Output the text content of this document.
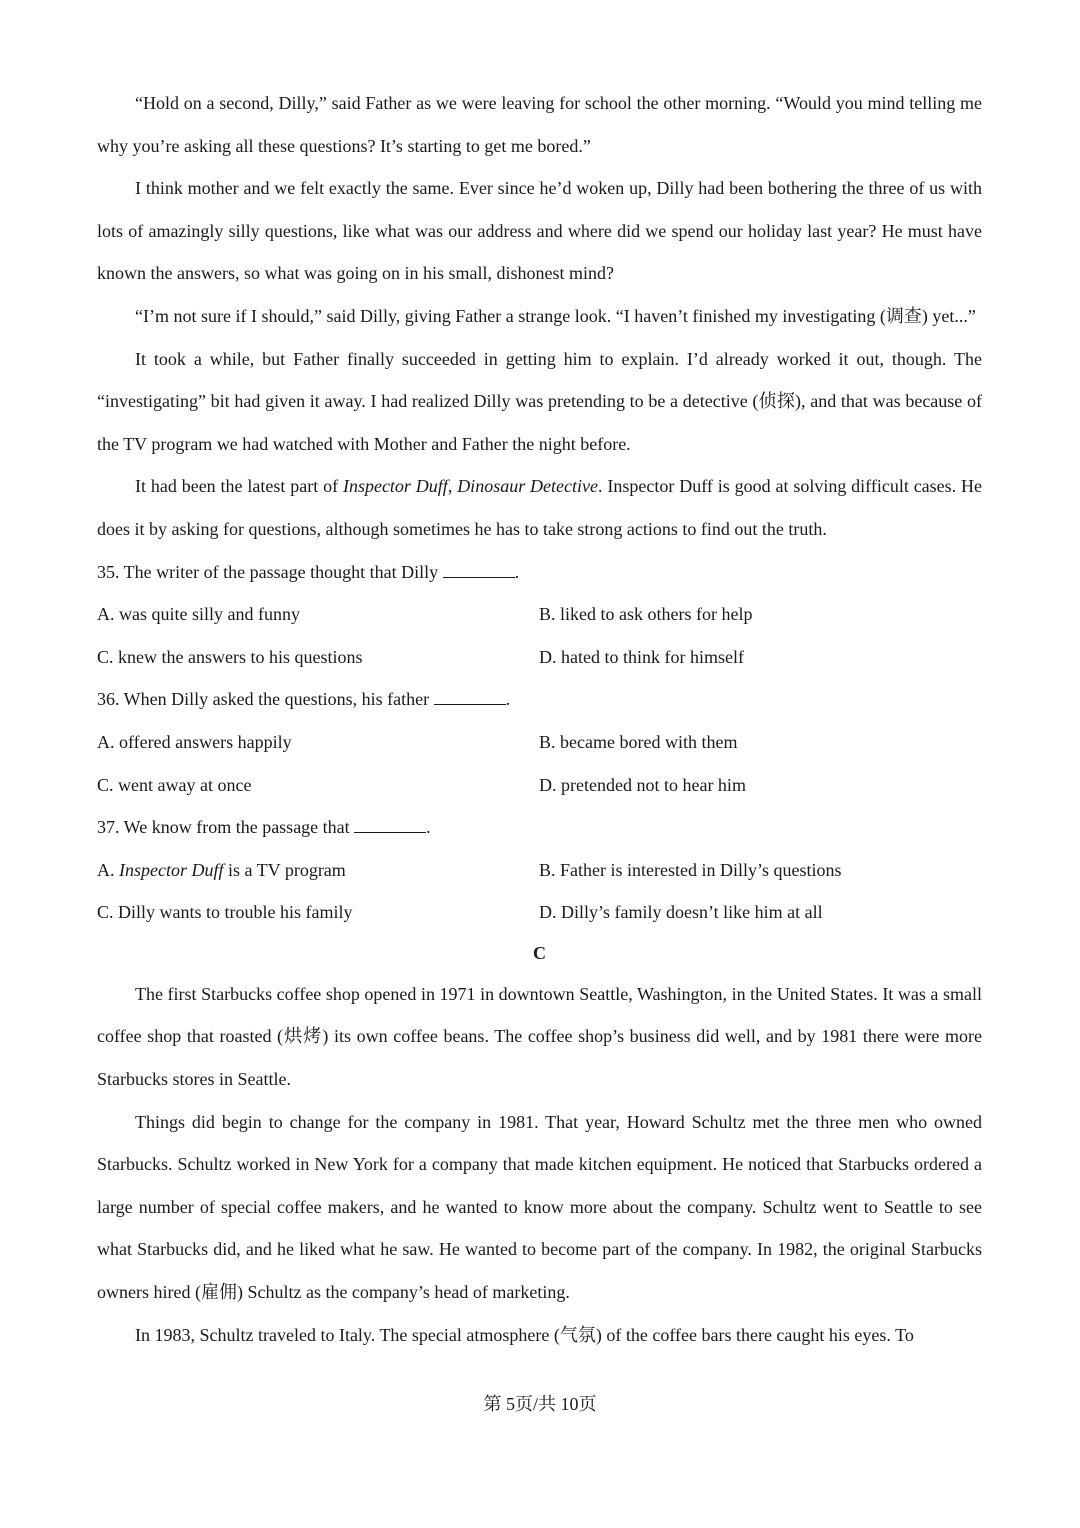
“Hold on a second, Dilly,” said Father as we were leaving for school the other morning. “Would you mind telling me why you’re asking all these questions? It’s starting to get me bored.”

I think mother and we felt exactly the same. Ever since he’d woken up, Dilly had been bothering the three of us with lots of amazingly silly questions, like what was our address and where did we spend our holiday last year? He must have known the answers, so what was going on in his small, dishonest mind?

“I’m not sure if I should,” said Dilly, giving Father a strange look. “I haven’t finished my investigating (调查) yet...”

It took a while, but Father finally succeeded in getting him to explain. I’d already worked it out, though. The “investigating” bit had given it away. I had realized Dilly was pretending to be a detective (侦探), and that was because of the TV program we had watched with Mother and Father the night before.

It had been the latest part of Inspector Duff, Dinosaur Detective. Inspector Duff is good at solving difficult cases. He does it by asking for questions, although sometimes he has to take strong actions to find out the truth.

35. The writer of the passage thought that Dilly	.
A. was quite silly and funny	B. liked to ask others for help
C. knew the answers to his questions	D. hated to think for himself
36. When Dilly asked the questions, his father	.
A. offered answers happily	B. became bored with them
C. went away at once	D. pretended not to hear him
37. We know from the passage that	.
A. Inspector Duff is a TV program	B. Father is interested in Dilly’s questions
C. Dilly wants to trouble his family	D. Dilly’s family doesn’t like him at all
C

The first Starbucks coffee shop opened in 1971 in downtown Seattle, Washington, in the United States. It was a small coffee shop that roasted (烘烤) its own coffee beans. The coffee shop’s business did well, and by 1981 there were more Starbucks stores in Seattle.

Things did begin to change for the company in 1981. That year, Howard Schultz met the three men who owned Starbucks. Schultz worked in New York for a company that made kitchen equipment. He noticed that Starbucks ordered a large number of special coffee makers, and he wanted to know more about the company. Schultz went to Seattle to see what Starbucks did, and he liked what he saw. He wanted to become part of the company. In 1982, the original Starbucks owners hired (雇佣) Schultz as the company’s head of marketing.

In 1983, Schultz traveled to Italy. The special atmosphere (气氛) of the coffee bars there caught his eyes. To

第 5页/共 10页
